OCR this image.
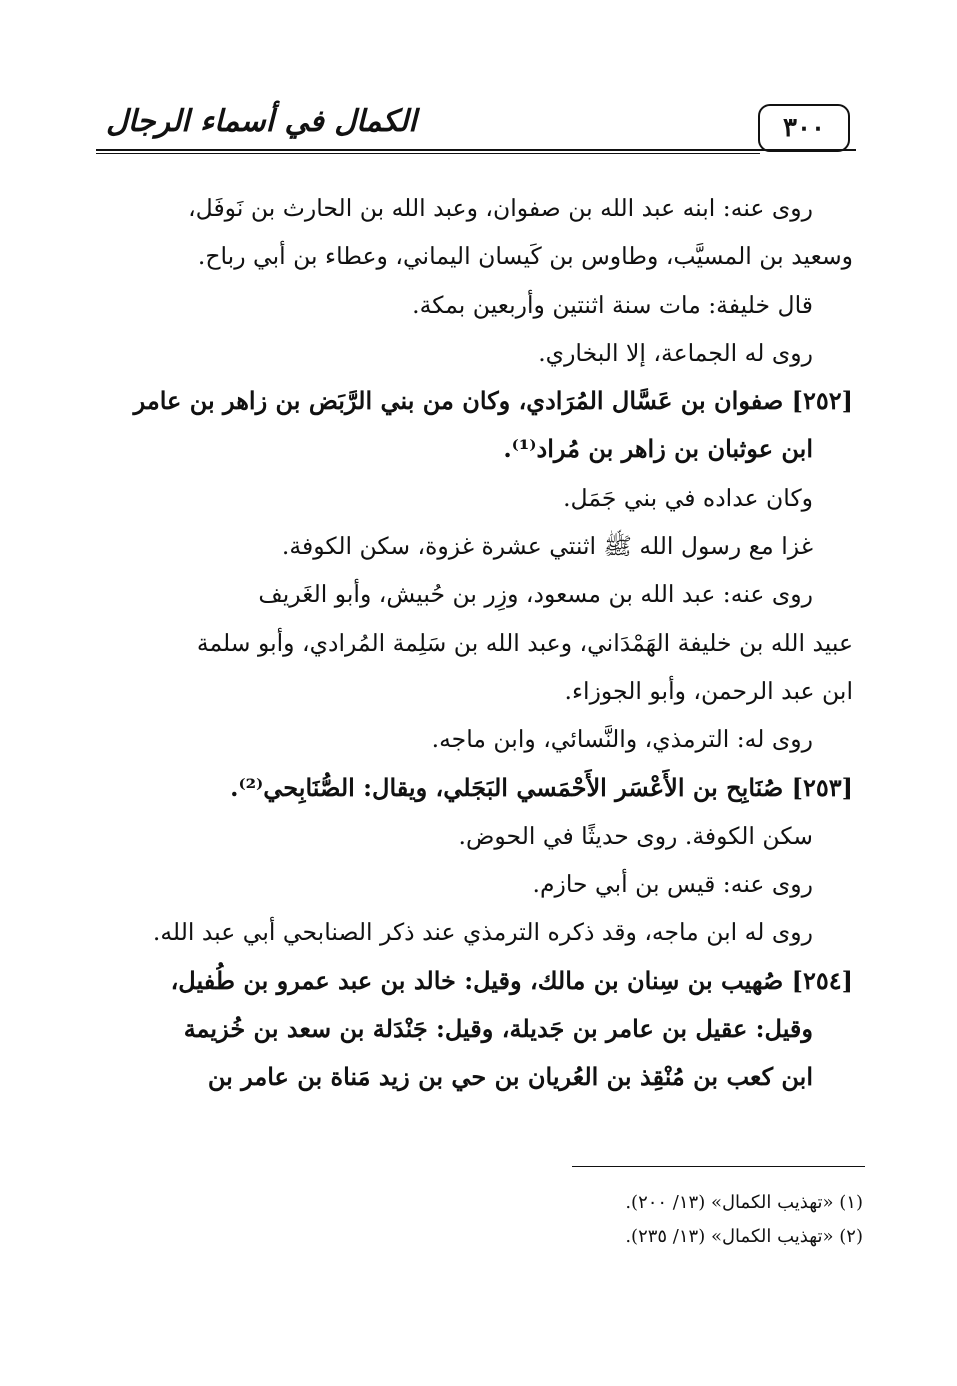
الكمال في أسماء الرجال	٣٠٠
روى عنه: ابنه عبد الله بن صفوان، وعبد الله بن الحارث بن نَوفَل،
وسعيد بن المسيَّب، وطاوس بن كَيسان اليماني، وعطاء بن أبي رباح.
قال خليفة: مات سنة اثنتين وأربعين بمكة.
روى له الجماعة، إلا البخاري.
[٢٥٢] صفوان بن عَسَّال المُرَادي، وكان من بني الرَّبَض بن زاهر بن عامر
ابن عوثبان بن زاهر بن مُراد⁽¹⁾.
وكان عداده في بني جَمَل.
غزا مع رسول الله ﷺ اثنتي عشرة غزوة، سكن الكوفة.
روى عنه: عبد الله بن مسعود، وزِر بن حُبيش، وأبو الغَريف
عبيد الله بن خليفة الهَمْدَاني، وعبد الله بن سَلِمة المُرادي، وأبو سلمة
ابن عبد الرحمن، وأبو الجوزاء.
روى له: الترمذي، والنَّسائي، وابن ماجه.
[٢٥٣] صُنَابِح بن الأَعْسَر الأَحْمَسي البَجَلي، ويقال: الصُّنَابِحي⁽²⁾.
سكن الكوفة. روى حديثًا في الحوض.
روى عنه: قيس بن أبي حازم.
روى له ابن ماجه، وقد ذكره الترمذي عند ذكر الصنابحي أبي عبد الله.
[٢٥٤] صُهيب بن سِنان بن مالك، وقيل: خالد بن عبد عمرو بن طُفيل،
وقيل: عقيل بن عامر بن جَديلة، وقيل: جَنْدَلة بن سعد بن خُزيمة
ابن كعب بن مُنْقِذ بن العُريان بن حي بن زيد مَناة بن عامر بن
(١) «تهذيب الكمال» (١٣/ ٢٠٠).
(٢) «تهذيب الكمال» (١٣/ ٢٣٥).
